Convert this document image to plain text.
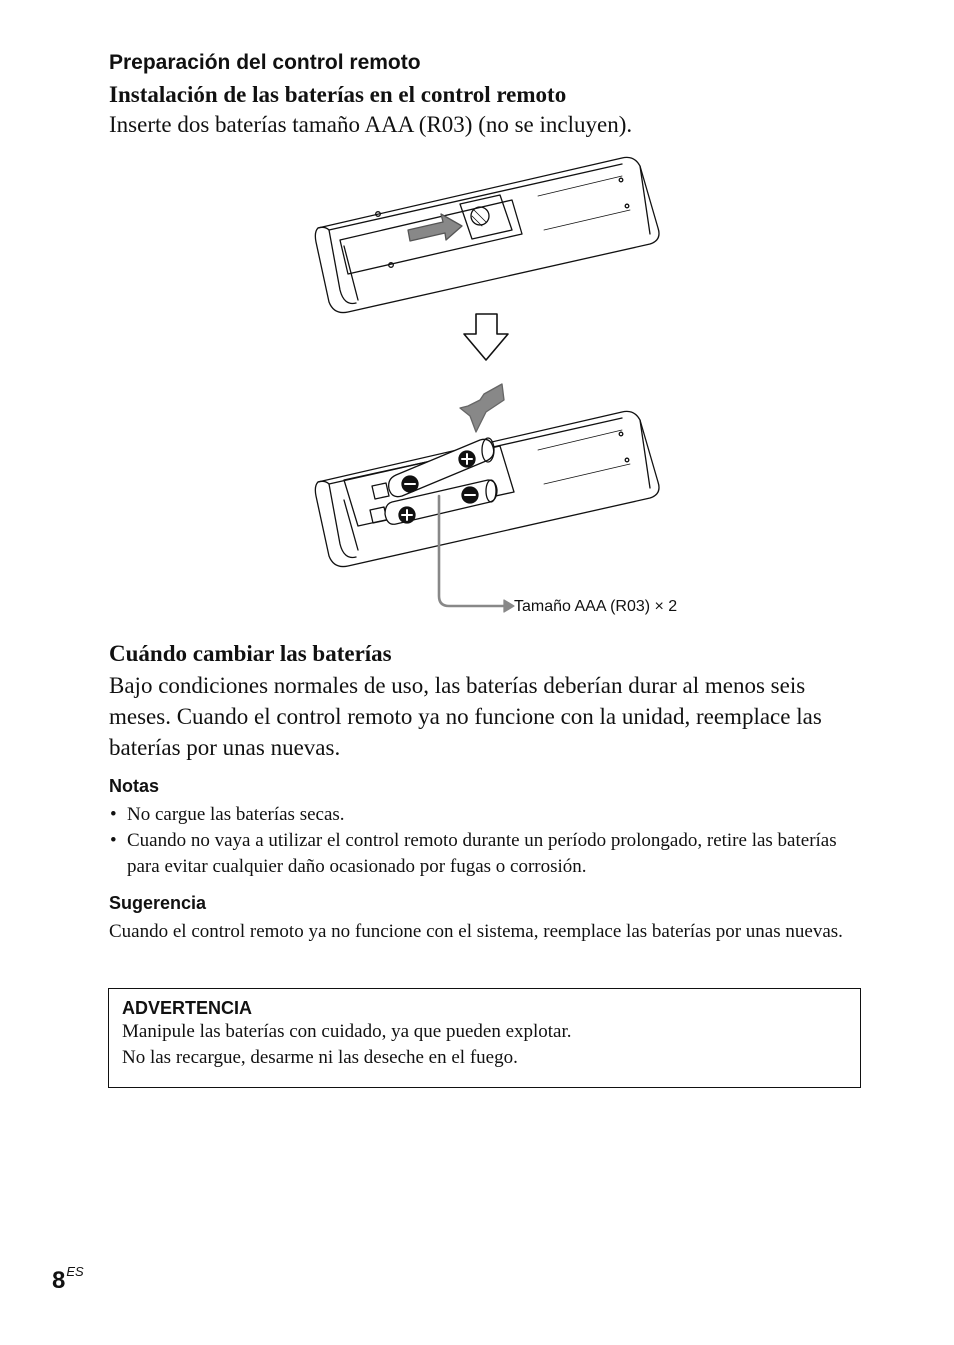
Preparación del control remoto
Instalación de las baterías en el control remoto
Inserte dos baterías tamaño AAA (R03) (no se incluyen).
Tamaño AAA (R03) × 2
Cuándo cambiar las baterías
Bajo condiciones normales de uso, las baterías deberían durar al menos seis meses. Cuando el control remoto ya no funcione con la unidad, reemplace las baterías por unas nuevas.
Notas
• No cargue las baterías secas.
• Cuando no vaya a utilizar el control remoto durante un período prolongado, retire las baterías para evitar cualquier daño ocasionado por fugas o corrosión.
Sugerencia
Cuando el control remoto ya no funcione con el sistema, reemplace las baterías por unas nuevas.
ADVERTENCIA
Manipule las baterías con cuidado, ya que pueden explotar.
No las recargue, desarme ni las deseche en el fuego.
$8^{ES}$
